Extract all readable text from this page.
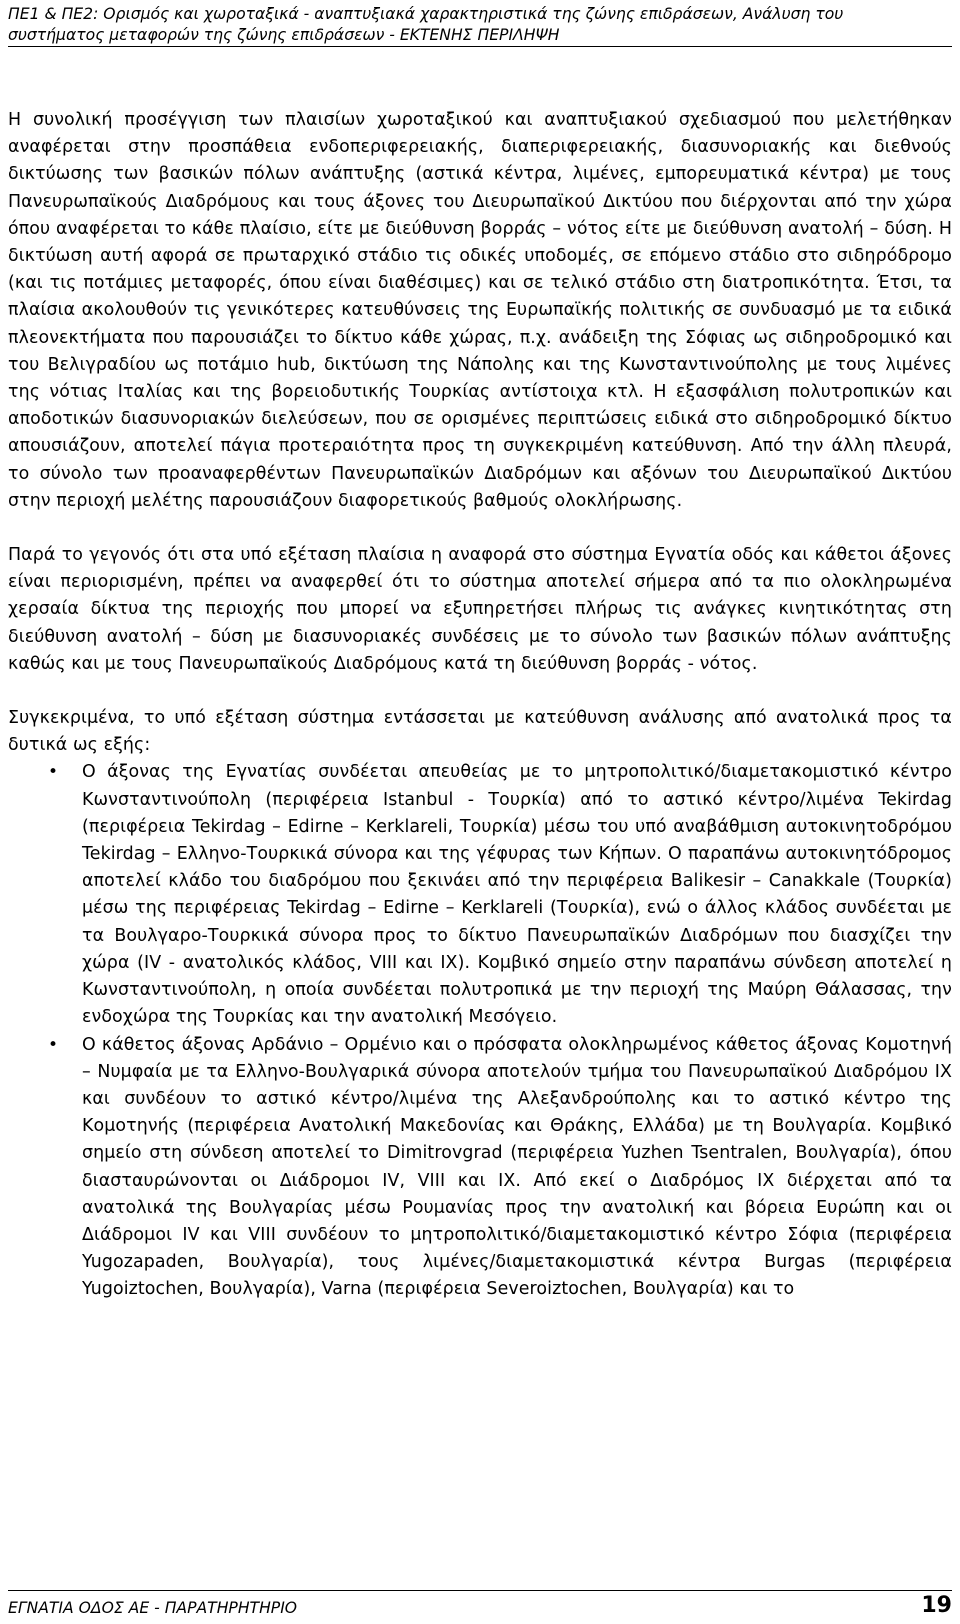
ΠΕ1 & ΠΕ2: Ορισμός και χωροταξικά - αναπτυξιακά χαρακτηριστικά της ζώνης επιδράσεων, Ανάλυση του
συστήματος μεταφορών της ζώνης επιδράσεων - ΕΚΤΕΝΗΣ ΠΕΡΙΛΗΨΗ

Η συνολική προσέγγιση των πλαισίων χωροταξικού και αναπτυξιακού σχεδιασμού που μελετήθηκαν αναφέρεται στην προσπάθεια ενδοπεριφερειακής, διαπεριφερειακής, διασυνοριακής και διεθνούς δικτύωσης των βασικών πόλων ανάπτυξης (αστικά κέντρα, λιμένες, εμπορευματικά κέντρα) με τους Πανευρωπαϊκούς Διαδρόμους και τους άξονες του Διευρωπαϊκού Δικτύου που διέρχονται από την χώρα όπου αναφέρεται το κάθε πλαίσιο, είτε με διεύθυνση βορράς – νότος είτε με διεύθυνση ανατολή – δύση. Η δικτύωση αυτή αφορά σε πρωταρχικό στάδιο τις οδικές υποδομές, σε επόμενο στάδιο στο σιδηρόδρομο (και τις ποτάμιες μεταφορές, όπου είναι διαθέσιμες) και σε τελικό στάδιο στη διατροπικότητα. Έτσι, τα πλαίσια ακολουθούν τις γενικότερες κατευθύνσεις της Ευρωπαϊκής πολιτικής σε συνδυασμό με τα ειδικά πλεονεκτήματα που παρουσιάζει το δίκτυο κάθε χώρας, π.χ. ανάδειξη της Σόφιας ως σιδηροδρομικό και του Βελιγραδίου ως ποτάμιο hub, δικτύωση της Νάπολης και της Κωνσταντινούπολης με τους λιμένες της νότιας Ιταλίας και της βορειοδυτικής Τουρκίας αντίστοιχα κτλ. Η εξασφάλιση πολυτροπικών και αποδοτικών διασυνοριακών διελεύσεων, που σε ορισμένες περιπτώσεις ειδικά στο σιδηροδρομικό δίκτυο απουσιάζουν, αποτελεί πάγια προτεραιότητα προς τη συγκεκριμένη κατεύθυνση. Από την άλλη πλευρά, το σύνολο των προαναφερθέντων Πανευρωπαϊκών Διαδρόμων και αξόνων του Διευρωπαϊκού Δικτύου στην περιοχή μελέτης παρουσιάζουν διαφορετικούς βαθμούς ολοκλήρωσης.

Παρά το γεγονός ότι στα υπό εξέταση πλαίσια η αναφορά στο σύστημα Εγνατία οδός και κάθετοι άξονες είναι περιορισμένη, πρέπει να αναφερθεί ότι το σύστημα αποτελεί σήμερα από τα πιο ολοκληρωμένα χερσαία δίκτυα της περιοχής που μπορεί να εξυπηρετήσει πλήρως τις ανάγκες κινητικότητας στη διεύθυνση ανατολή – δύση με διασυνοριακές συνδέσεις με το σύνολο των βασικών πόλων ανάπτυξης καθώς και με τους Πανευρωπαϊκούς Διαδρόμους κατά τη διεύθυνση βορράς - νότος.

Συγκεκριμένα, το υπό εξέταση σύστημα εντάσσεται με κατεύθυνση ανάλυσης από ανατολικά προς τα δυτικά ως εξής:

• Ο άξονας της Εγνατίας συνδέεται απευθείας με το μητροπολιτικό/διαμετακομιστικό κέντρο Κωνσταντινούπολη (περιφέρεια Istanbul - Τουρκία) από το αστικό κέντρο/λιμένα Tekirdag (περιφέρεια Tekirdag – Edirne – Kerklareli, Τουρκία) μέσω του υπό αναβάθμιση αυτοκινητοδρόμου Tekirdag – Ελληνο-Τουρκικά σύνορα και της γέφυρας των Κήπων. Ο παραπάνω αυτοκινητόδρομος αποτελεί κλάδο του διαδρόμου που ξεκινάει από την περιφέρεια Balikesir – Canakkale (Τουρκία) μέσω της περιφέρειας Tekirdag – Edirne – Kerklareli (Τουρκία), ενώ ο άλλος κλάδος συνδέεται με τα Βουλγαρο-Τουρκικά σύνορα προς το δίκτυο Πανευρωπαϊκών Διαδρόμων που διασχίζει την χώρα (IV - ανατολικός κλάδος, VIII και IX). Κομβικό σημείο στην παραπάνω σύνδεση αποτελεί η Κωνσταντινούπολη, η οποία συνδέεται πολυτροπικά με την περιοχή της Μαύρη Θάλασσας, την ενδοχώρα της Τουρκίας και την ανατολική Μεσόγειο.
• Ο κάθετος άξονας Αρδάνιο – Ορμένιο και ο πρόσφατα ολοκληρωμένος κάθετος άξονας Κομοτηνή – Νυμφαία με τα Ελληνο-Βουλγαρικά σύνορα αποτελούν τμήμα του Πανευρωπαϊκού Διαδρόμου IX και συνδέουν το αστικό κέντρο/λιμένα της Αλεξανδρούπολης και το αστικό κέντρο της Κομοτηνής (περιφέρεια Ανατολική Μακεδονίας και Θράκης, Ελλάδα) με τη Βουλγαρία. Κομβικό σημείο στη σύνδεση αποτελεί το Dimitrovgrad (περιφέρεια Yuzhen Tsentralen, Βουλγαρία), όπου διασταυρώνονται οι Διάδρομοι IV, VIII και IX. Από εκεί ο Διαδρόμος IX διέρχεται από τα ανατολικά της Βουλγαρίας μέσω Ρουμανίας προς την ανατολική και βόρεια Ευρώπη και οι Διάδρομοι IV και VIII συνδέουν το μητροπολιτικό/διαμετακομιστικό κέντρο Σόφια (περιφέρεια Yugozapaden, Βουλγαρία), τους λιμένες/διαμετακομιστικά κέντρα Burgas (περιφέρεια Yugoiztochen, Βουλγαρία), Varna (περιφέρεια Severoiztochen, Βουλγαρία) και το
ΕΓΝΑΤΙΑ ΟΔΟΣ ΑΕ - ΠΑΡΑΤΗΡΗΤΗΡΙΟ	19
